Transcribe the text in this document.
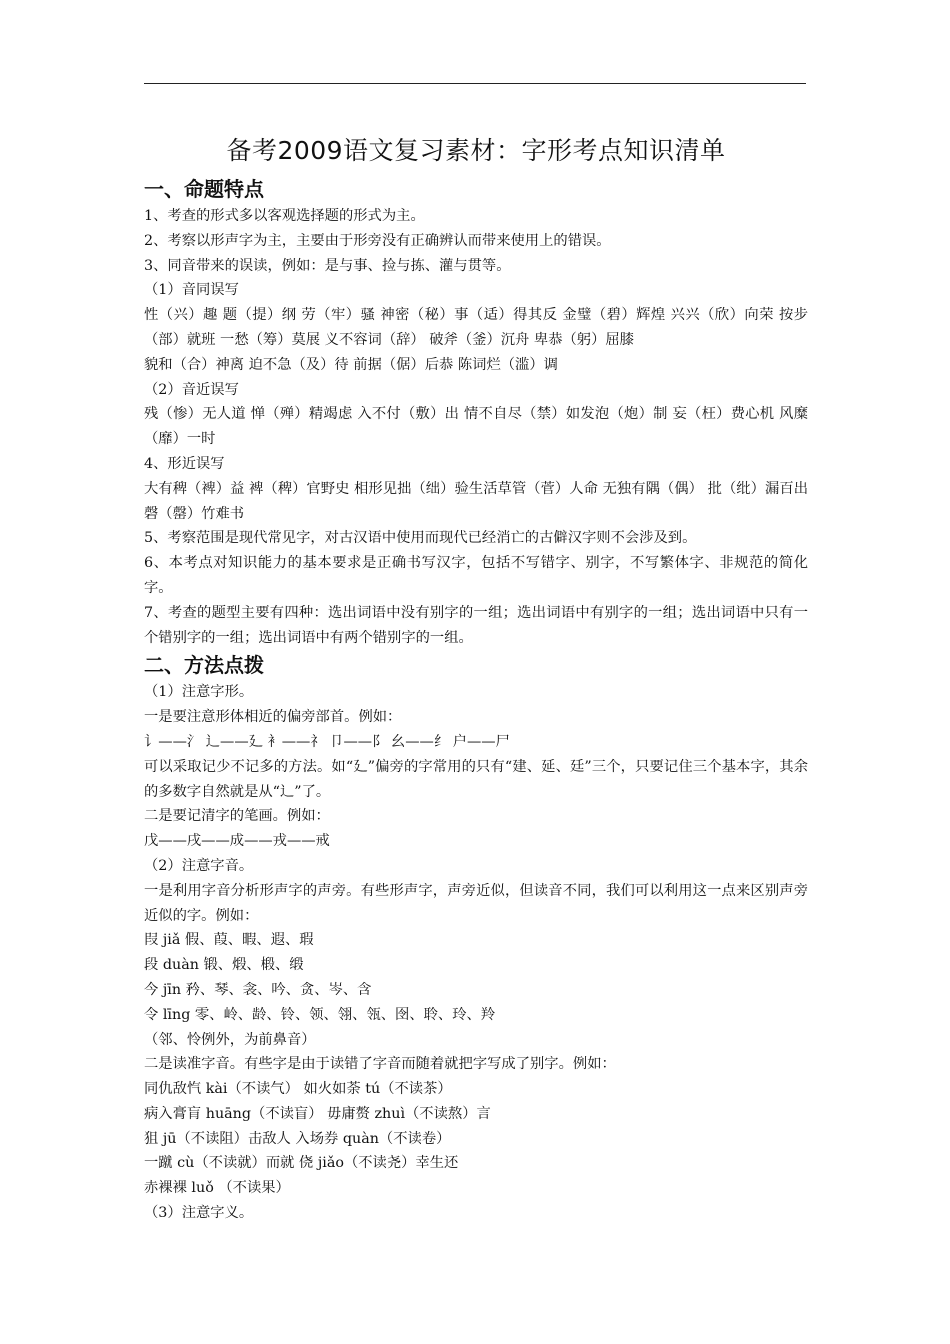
备考2009语文复习素材：字形考点知识清单
一、命题特点

1、考查的形式多以客观选择题的形式为主。

2、考察以形声字为主，主要由于形旁没有正确辨认而带来使用上的错误。

3、同音带来的误读，例如：是与事、捡与拣、灌与贯等。

（1）音同误写

性（兴）趣 题（提）纲 劳（牢）骚 神密（秘）事（适）得其反 金璧（碧）辉煌 兴兴（欣）向荣 按步（部）就班 一愁（筹）莫展 义不容词（辞） 破斧（釜）沉舟 卑恭（躬）屈膝

貌和（合）神离 迫不急（及）待 前据（倨）后恭 陈词烂（滥）调

（2）音近误写

残（惨）无人道 惮（殚）精竭虑 入不付（敷）出 情不自尽（禁）如发泡（炮）制 妄（枉）费心机 风糜（靡）一时

4、形近误写

大有稗（裨）益 裨（稗）官野史 相形见拙（绌）验生活草管（菅）人命 无独有隅（偶） 批（纰）漏百出 磬（罄）竹难书

5、考察范围是现代常见字，对古汉语中使用而现代已经消亡的古僻汉字则不会涉及到。

6、本考点对知识能力的基本要求是正确书写汉字，包括不写错字、别字，不写繁体字、非规范的简化字。

7、考查的题型主要有四种：选出词语中没有别字的一组；选出词语中有别字的一组；选出词语中只有一个错别字的一组；选出词语中有两个错别字的一组。

二、方法点拨

（1）注意字形。

一是要注意形体相近的偏旁部首。例如：

讠——氵 辶——廴 衤——礻 卩——阝 幺——纟 户——尸

可以采取记少不记多的方法。如“廴”偏旁的字常用的只有“建、延、廷”三个，只要记住三个基本字，其余的多数字自然就是从“辶”了。

二是要记清字的笔画。例如：

戊——戌——成——戎——戒

（2）注意字音。

一是利用字音分析形声字的声旁。有些形声字，声旁近似，但读音不同，我们可以利用这一点来区别声旁近似的字。例如：

叚 jiǎ 假、葭、暇、遐、瑕

段 duàn 锻、煅、椴、缎

今 jīn 矜、琴、衾、吟、贪、岑、含

令 līng 零、岭、龄、铃、领、翎、瓴、囹、聆、玲、羚

（邻、怜例外，为前鼻音）

二是读准字音。有些字是由于读错了字音而随着就把字写成了别字。例如：

同仇敌忾 kài（不读气） 如火如荼 tú（不读茶）

病入膏肓 huāng（不读盲） 毋庸赘 zhuì（不读熬）言

狙 jū（不读阻）击敌人 入场券 quàn（不读卷）

一蹴 cù（不读就）而就 侥 jiǎo（不读尧）幸生还

赤裸裸 luǒ （不读果）

（3）注意字义。
